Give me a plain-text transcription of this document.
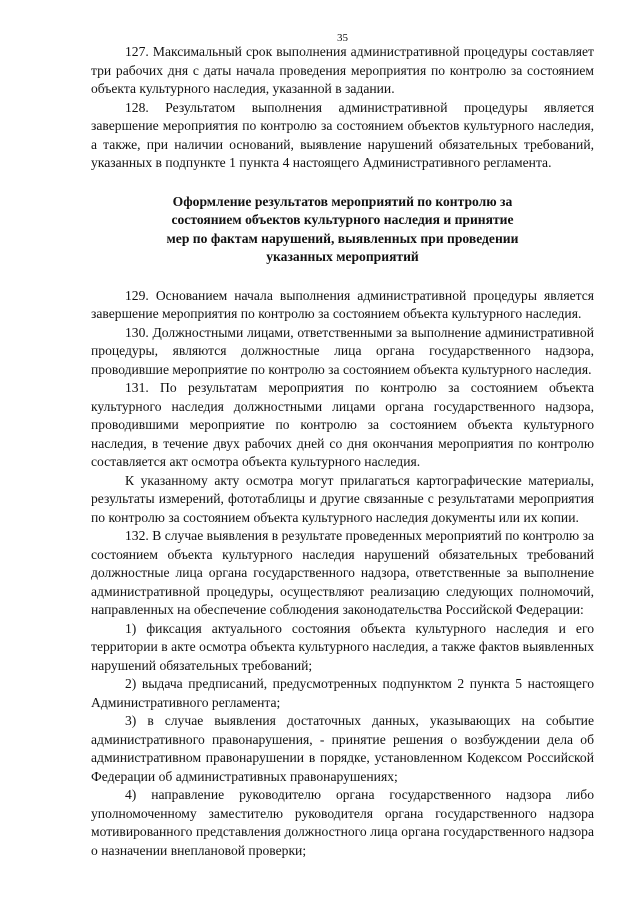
35

127. Максимальный срок выполнения административной процедуры составляет три рабочих дня с даты начала проведения мероприятия по контролю за состоянием объекта культурного наследия, указанной в задании.

128. Результатом выполнения административной процедуры является завершение мероприятия по контролю за состоянием объектов культурного наследия, а также, при наличии оснований, выявление нарушений обязательных требований, указанных в подпункте 1 пункта 4 настоящего Административного регламента.

Оформление результатов мероприятий по контролю за состоянием объектов культурного наследия и принятие мер по фактам нарушений, выявленных при проведении указанных мероприятий

129. Основанием начала выполнения административной процедуры является завершение мероприятия по контролю за состоянием объекта культурного наследия.

130. Должностными лицами, ответственными за выполнение административной процедуры, являются должностные лица органа государственного надзора, проводившие мероприятие по контролю за состоянием объекта культурного наследия.

131. По результатам мероприятия по контролю за состоянием объекта культурного наследия должностными лицами органа государственного надзора, проводившими мероприятие по контролю за состоянием объекта культурного наследия, в течение двух рабочих дней со дня окончания мероприятия по контролю составляется акт осмотра объекта культурного наследия.

К указанному акту осмотра могут прилагаться картографические материалы, результаты измерений, фототаблицы и другие связанные с результатами мероприятия по контролю за состоянием объекта культурного наследия документы или их копии.

132. В случае выявления в результате проведенных мероприятий по контролю за состоянием объекта культурного наследия нарушений обязательных требований должностные лица органа государственного надзора, ответственные за выполнение административной процедуры, осуществляют реализацию следующих полномочий, направленных на обеспечение соблюдения законодательства Российской Федерации:

1) фиксация актуального состояния объекта культурного наследия и его территории в акте осмотра объекта культурного наследия, а также фактов выявленных нарушений обязательных требований;

2) выдача предписаний, предусмотренных подпунктом 2 пункта 5 настоящего Административного регламента;

3) в случае выявления достаточных данных, указывающих на событие административного правонарушения, - принятие решения о возбуждении дела об административном правонарушении в порядке, установленном Кодексом Российской Федерации об административных правонарушениях;

4) направление руководителю органа государственного надзора либо уполномоченному заместителю руководителя органа государственного надзора мотивированного представления должностного лица органа государственного надзора о назначении внеплановой проверки;
